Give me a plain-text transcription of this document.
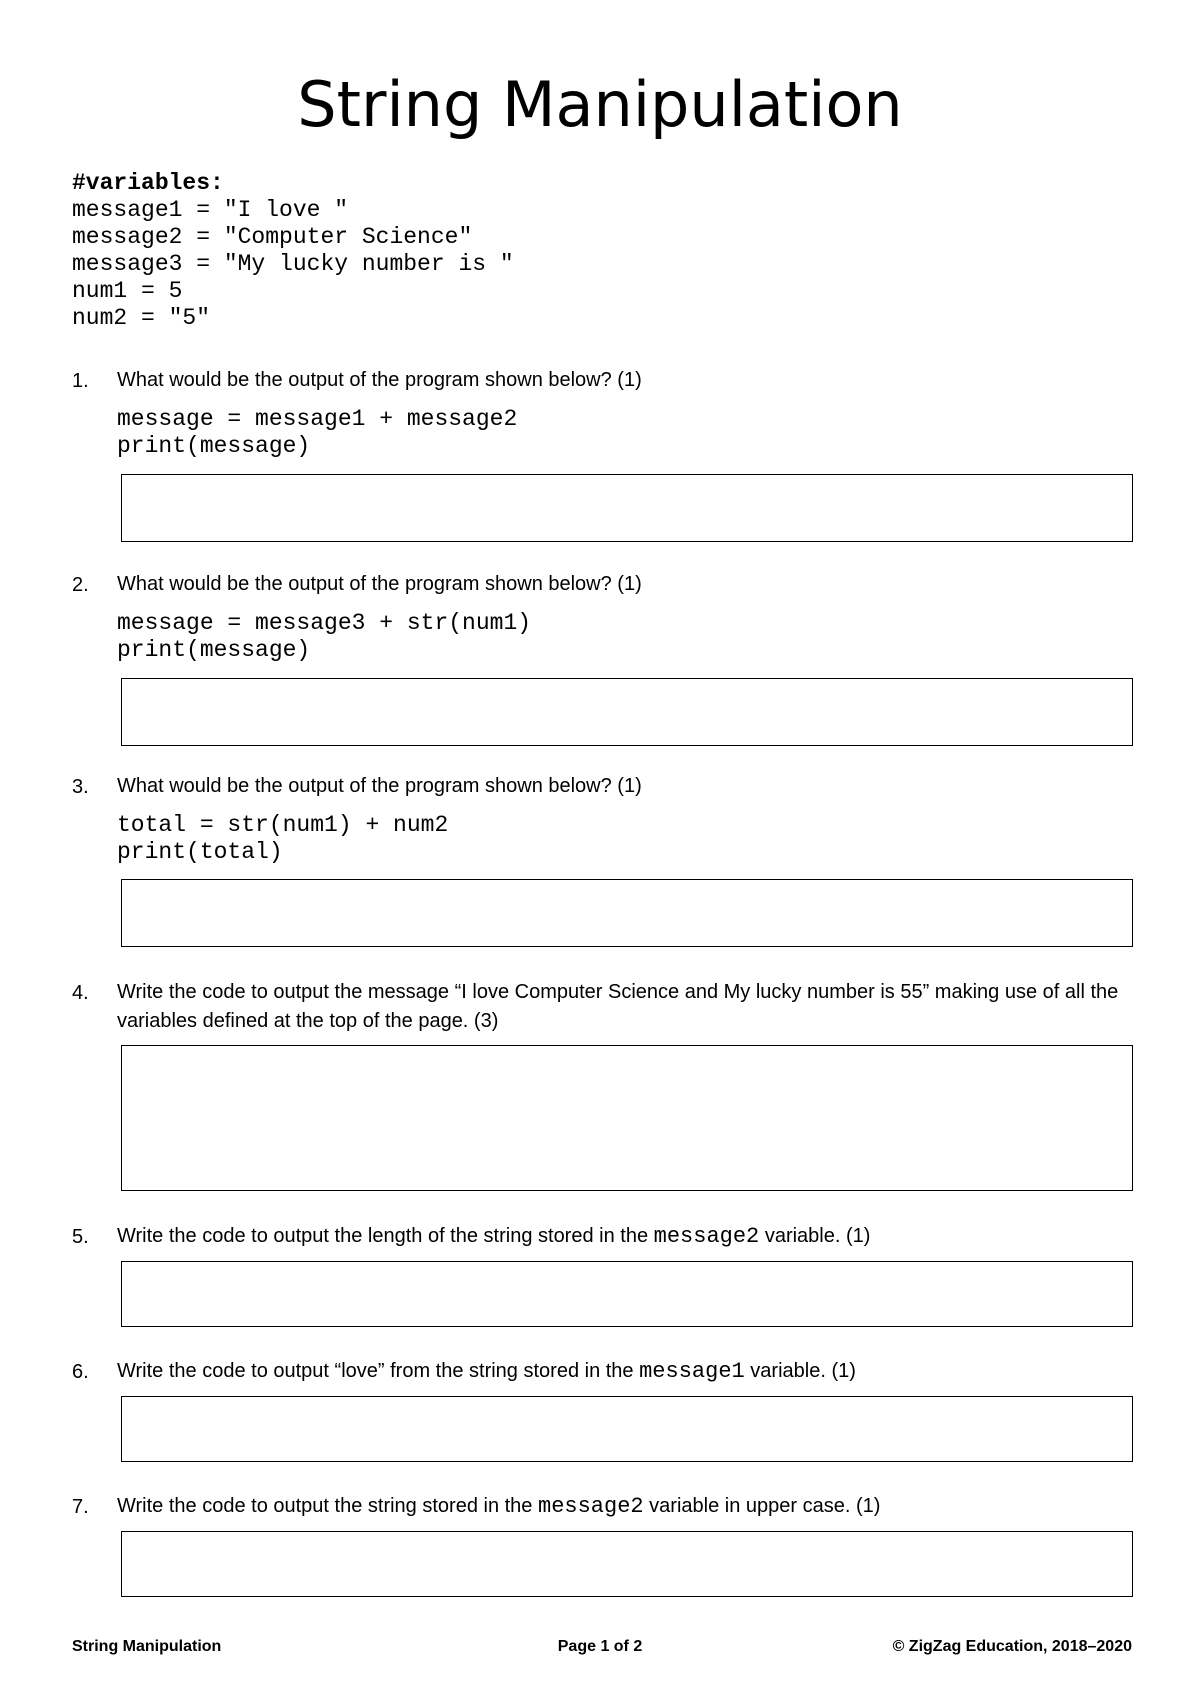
String Manipulation
#variables:
message1 = "I love "
message2 = "Computer Science"
message3 = "My lucky number is "
num1 = 5
num2 = "5"
1. What would be the output of the program shown below? (1)
message = message1 + message2
print(message)
2. What would be the output of the program shown below? (1)
message = message3 + str(num1)
print(message)
3. What would be the output of the program shown below? (1)
total = str(num1) + num2
print(total)
4. Write the code to output the message “I love Computer Science and My lucky number is 55” making use of all the variables defined at the top of the page. (3)
5. Write the code to output the length of the string stored in the message2 variable. (1)
6. Write the code to output “love” from the string stored in the message1 variable. (1)
7. Write the code to output the string stored in the message2 variable in upper case. (1)
String Manipulation	Page 1 of 2	© ZigZag Education, 2018–2020
